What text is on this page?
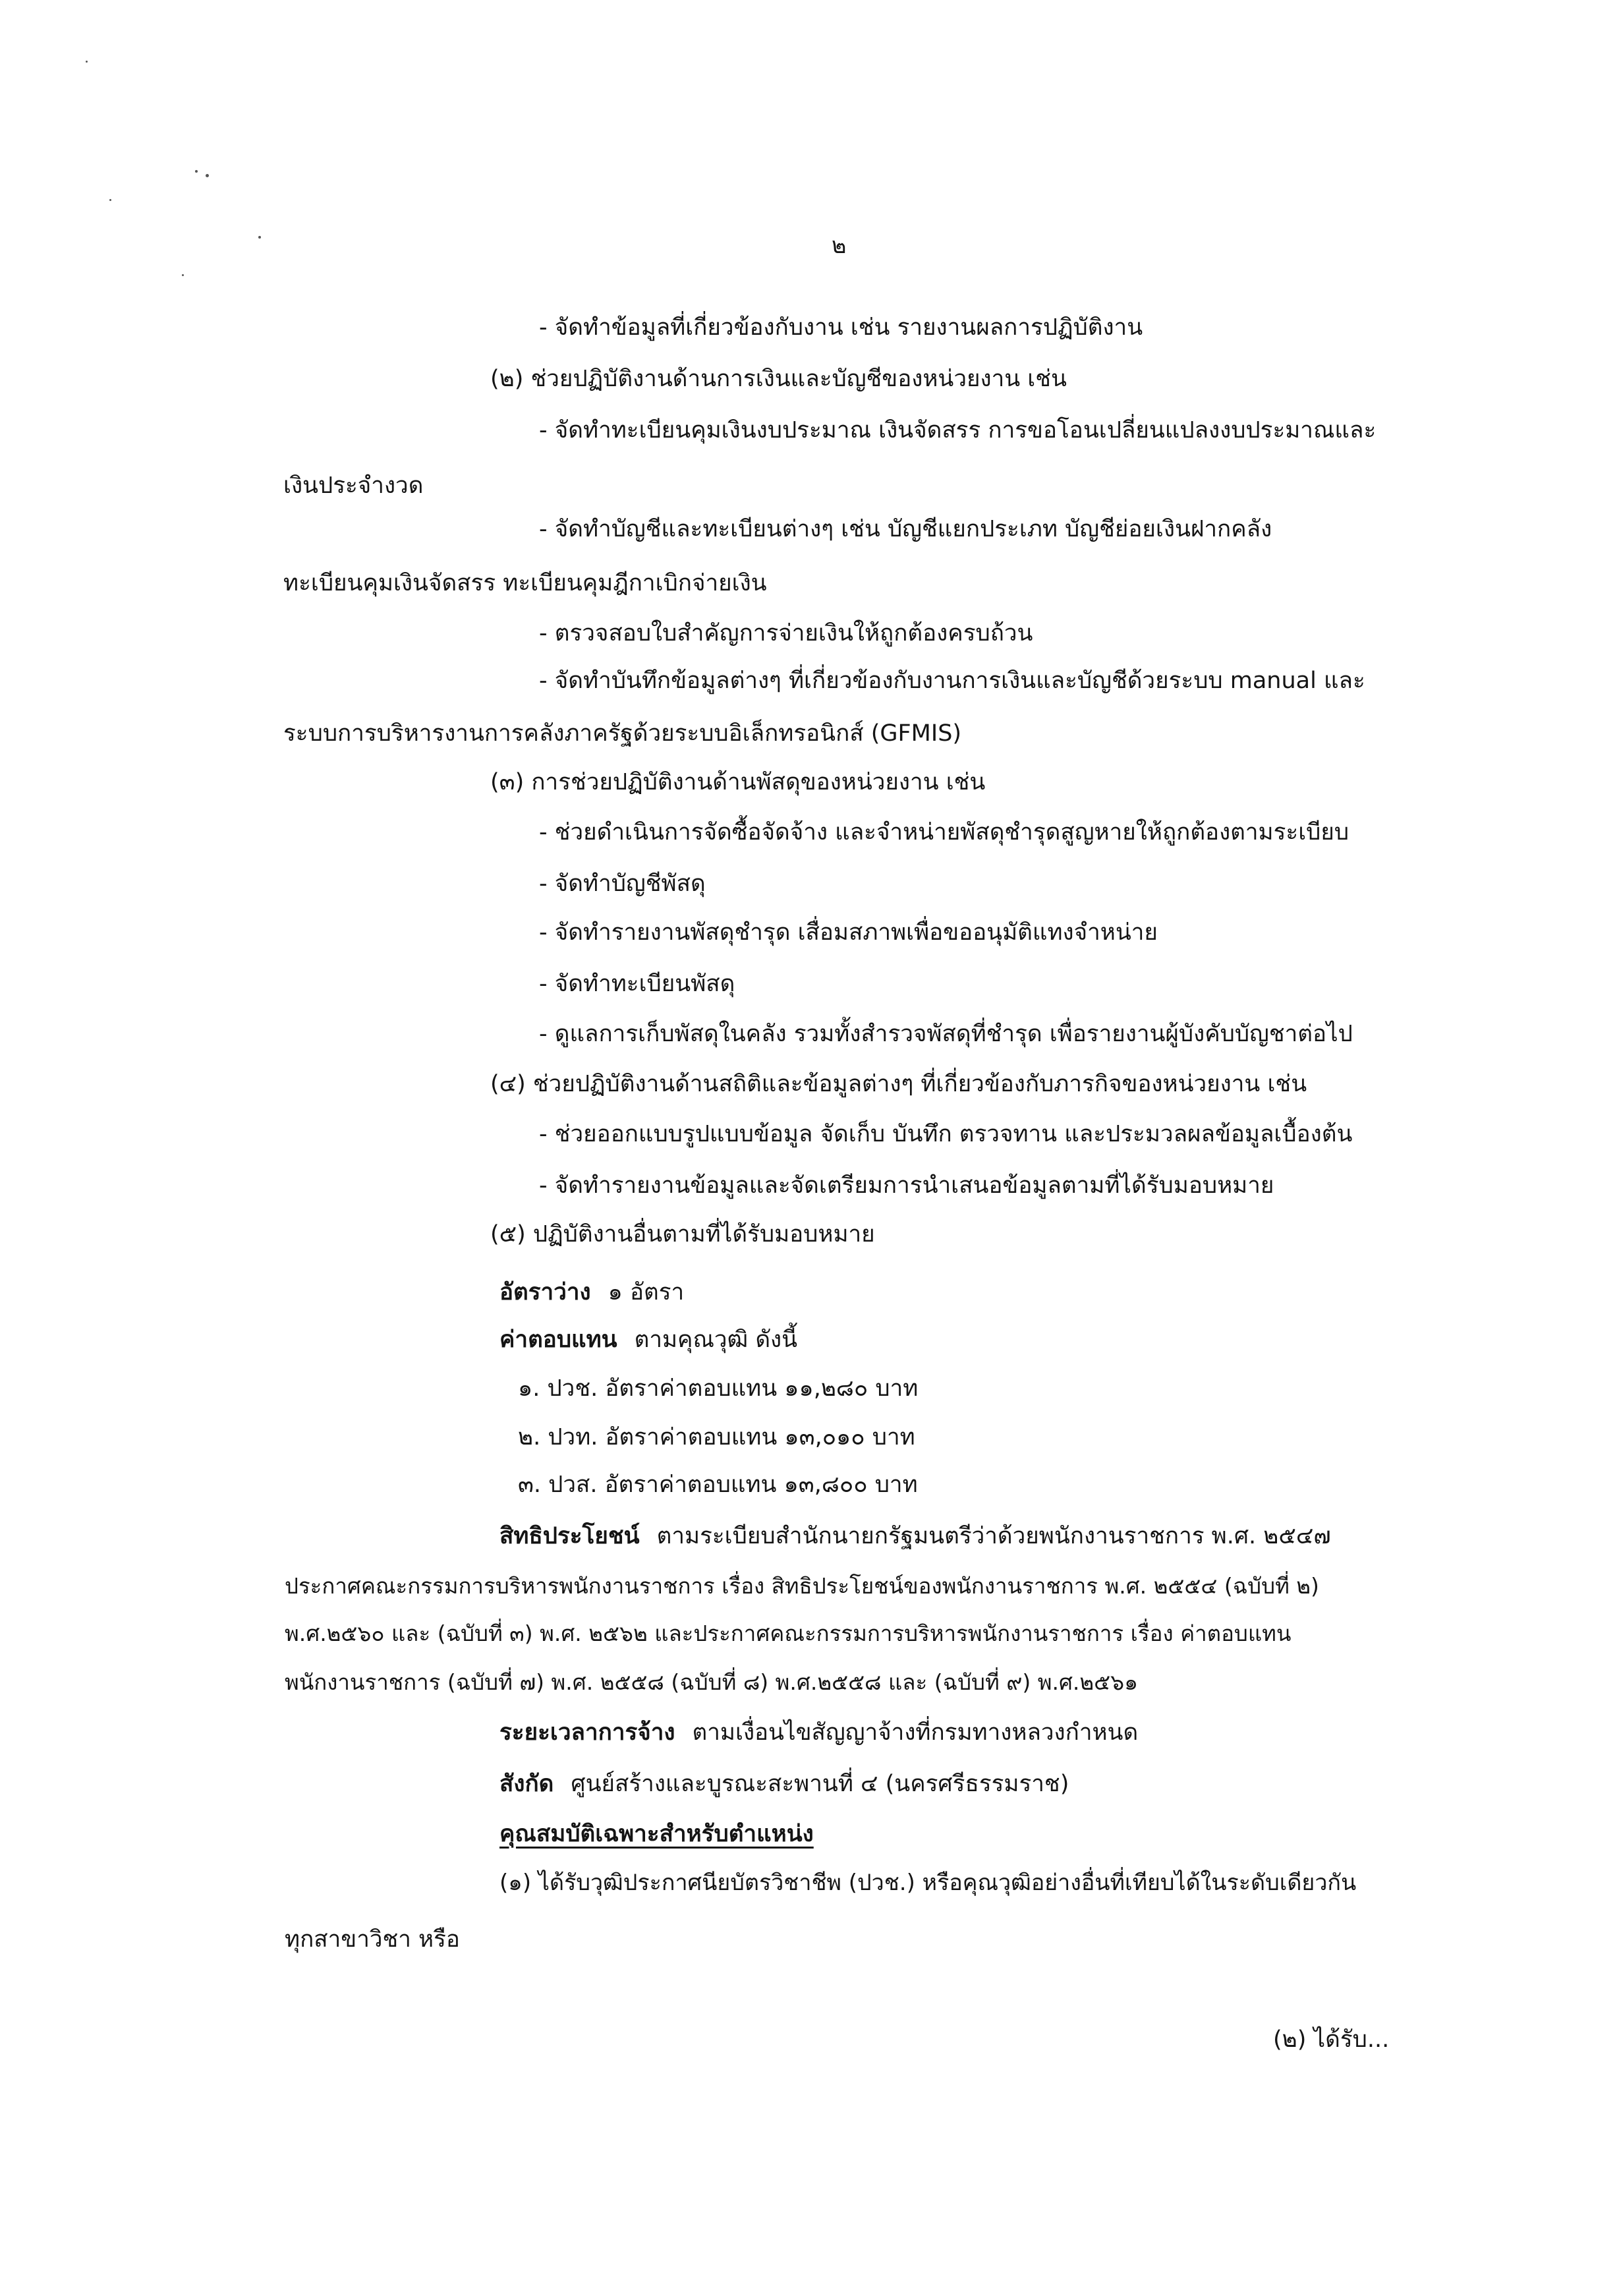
๒
- จัดทำข้อมูลที่เกี่ยวข้องกับงาน เช่น รายงานผลการปฏิบัติงาน
(๒) ช่วยปฏิบัติงานด้านการเงินและบัญชีของหน่วยงาน เช่น
- จัดทำทะเบียนคุมเงินงบประมาณ เงินจัดสรร การขอโอนเปลี่ยนแปลงงบประมาณและ
เงินประจำงวด
- จัดทำบัญชีและทะเบียนต่างๆ เช่น บัญชีแยกประเภท บัญชีย่อยเงินฝากคลัง
ทะเบียนคุมเงินจัดสรร ทะเบียนคุมฎีกาเบิกจ่ายเงิน
- ตรวจสอบใบสำคัญการจ่ายเงินให้ถูกต้องครบถ้วน
- จัดทำบันทึกข้อมูลต่างๆ ที่เกี่ยวข้องกับงานการเงินและบัญชีด้วยระบบ manual และ
ระบบการบริหารงานการคลังภาครัฐด้วยระบบอิเล็กทรอนิกส์ (GFMIS)
(๓) การช่วยปฏิบัติงานด้านพัสดุของหน่วยงาน เช่น
- ช่วยดำเนินการจัดซื้อจัดจ้าง และจำหน่ายพัสดุชำรุดสูญหายให้ถูกต้องตามระเบียบ
- จัดทำบัญชีพัสดุ
- จัดทำรายงานพัสดุชำรุด เสื่อมสภาพเพื่อขออนุมัติแทงจำหน่าย
- จัดทำทะเบียนพัสดุ
- ดูแลการเก็บพัสดุในคลัง รวมทั้งสำรวจพัสดุที่ชำรุด เพื่อรายงานผู้บังคับบัญชาต่อไป
(๔) ช่วยปฏิบัติงานด้านสถิติและข้อมูลต่างๆ ที่เกี่ยวข้องกับภารกิจของหน่วยงาน เช่น
- ช่วยออกแบบรูปแบบข้อมูล จัดเก็บ บันทึก ตรวจทาน และประมวลผลข้อมูลเบื้องต้น
- จัดทำรายงานข้อมูลและจัดเตรียมการนำเสนอข้อมูลตามที่ได้รับมอบหมาย
(๕) ปฏิบัติงานอื่นตามที่ได้รับมอบหมาย
อัตราว่าง ๑ อัตรา
ค่าตอบแทน ตามคุณวุฒิ ดังนี้
๑. ปวช. อัตราค่าตอบแทน ๑๑,๒๘๐ บาท
๒. ปวท. อัตราค่าตอบแทน ๑๓,๐๑๐ บาท
๓. ปวส. อัตราค่าตอบแทน ๑๓,๘๐๐ บาท
สิทธิประโยชน์ ตามระเบียบสำนักนายกรัฐมนตรีว่าด้วยพนักงานราชการ พ.ศ. ๒๕๔๗
ประกาศคณะกรรมการบริหารพนักงานราชการ เรื่อง สิทธิประโยชน์ของพนักงานราชการ พ.ศ. ๒๕๕๔ (ฉบับที่ ๒)
พ.ศ.๒๕๖๐ และ (ฉบับที่ ๓) พ.ศ. ๒๕๖๒ และประกาศคณะกรรมการบริหารพนักงานราชการ เรื่อง ค่าตอบแทน
พนักงานราชการ (ฉบับที่ ๗) พ.ศ. ๒๕๕๘ (ฉบับที่ ๘) พ.ศ.๒๕๕๘ และ (ฉบับที่ ๙) พ.ศ.๒๕๖๑
ระยะเวลาการจ้าง ตามเงื่อนไขสัญญาจ้างที่กรมทางหลวงกำหนด
สังกัด ศูนย์สร้างและบูรณะสะพานที่ ๔ (นครศรีธรรมราช)
คุณสมบัติเฉพาะสำหรับตำแหน่ง
(๑) ได้รับวุฒิประกาศนียบัตรวิชาชีพ (ปวช.) หรือคุณวุฒิอย่างอื่นที่เทียบได้ในระดับเดียวกัน
ทุกสาขาวิชา หรือ
(๒) ได้รับ...
